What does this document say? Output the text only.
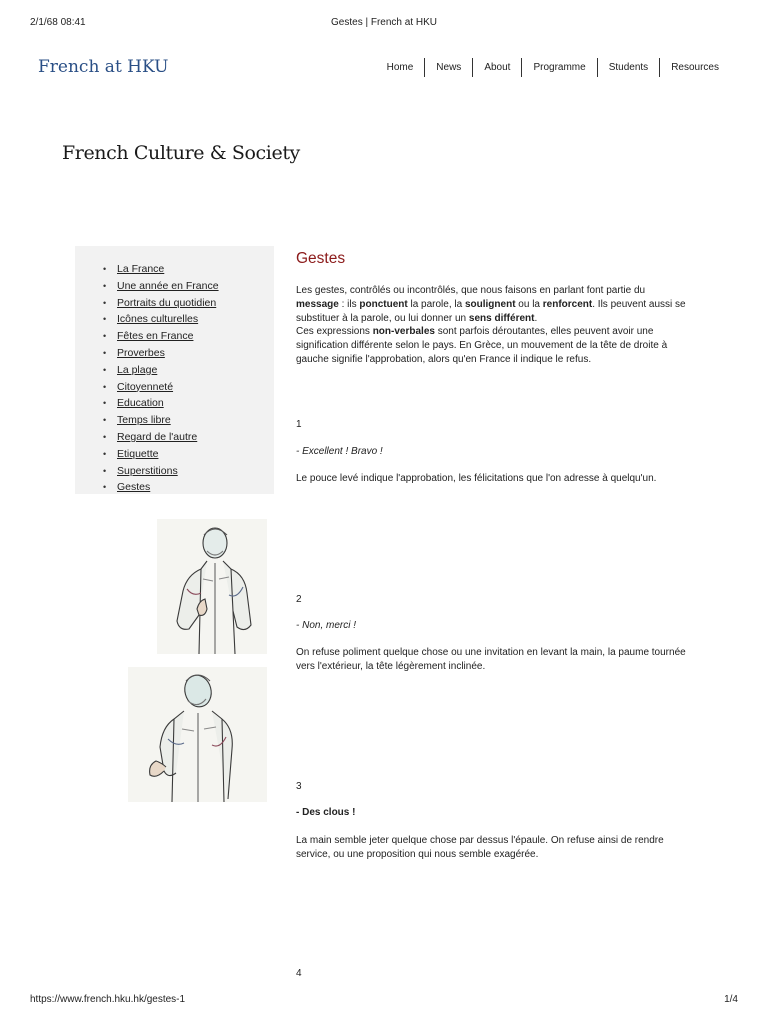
2/1/68 08:41	Gestes | French at HKU
French at HKU	Home	News	About	Programme	Students	Resources
French Culture & Society
• La France
• Une année en France
• Portraits du quotidien
• Icônes culturelles
• Fêtes en France
• Proverbes
• La plage
• Citoyenneté
• Education
• Temps libre
• Regard de l'autre
• Etiquette
• Superstitions
• Gestes
Gestes
Les gestes, contrôlés ou incontrôlés, que nous faisons en parlant font partie du message : ils ponctuent la parole, la soulignent ou la renforcent. Ils peuvent aussi se substituer à la parole, ou lui donner un sens différent.
Ces expressions non-verbales sont parfois déroutantes, elles peuvent avoir une signification différente selon le pays. En Grèce, un mouvement de la tête de droite à gauche signifie l'approbation, alors qu'en France il indique le refus.
1
- Excellent ! Bravo !
Le pouce levé indique l'approbation, les félicitations que l'on adresse à quelqu'un.
2
- Non, merci !
On refuse poliment quelque chose ou une invitation en levant la main, la paume tournée vers l'extérieur, la tête légèrement inclinée.
3
- Des clous !
La main semble jeter quelque chose par dessus l'épaule. On refuse ainsi de rendre service, ou une proposition qui nous semble exagérée.
4
https://www.french.hku.hk/gestes-1	1/4
